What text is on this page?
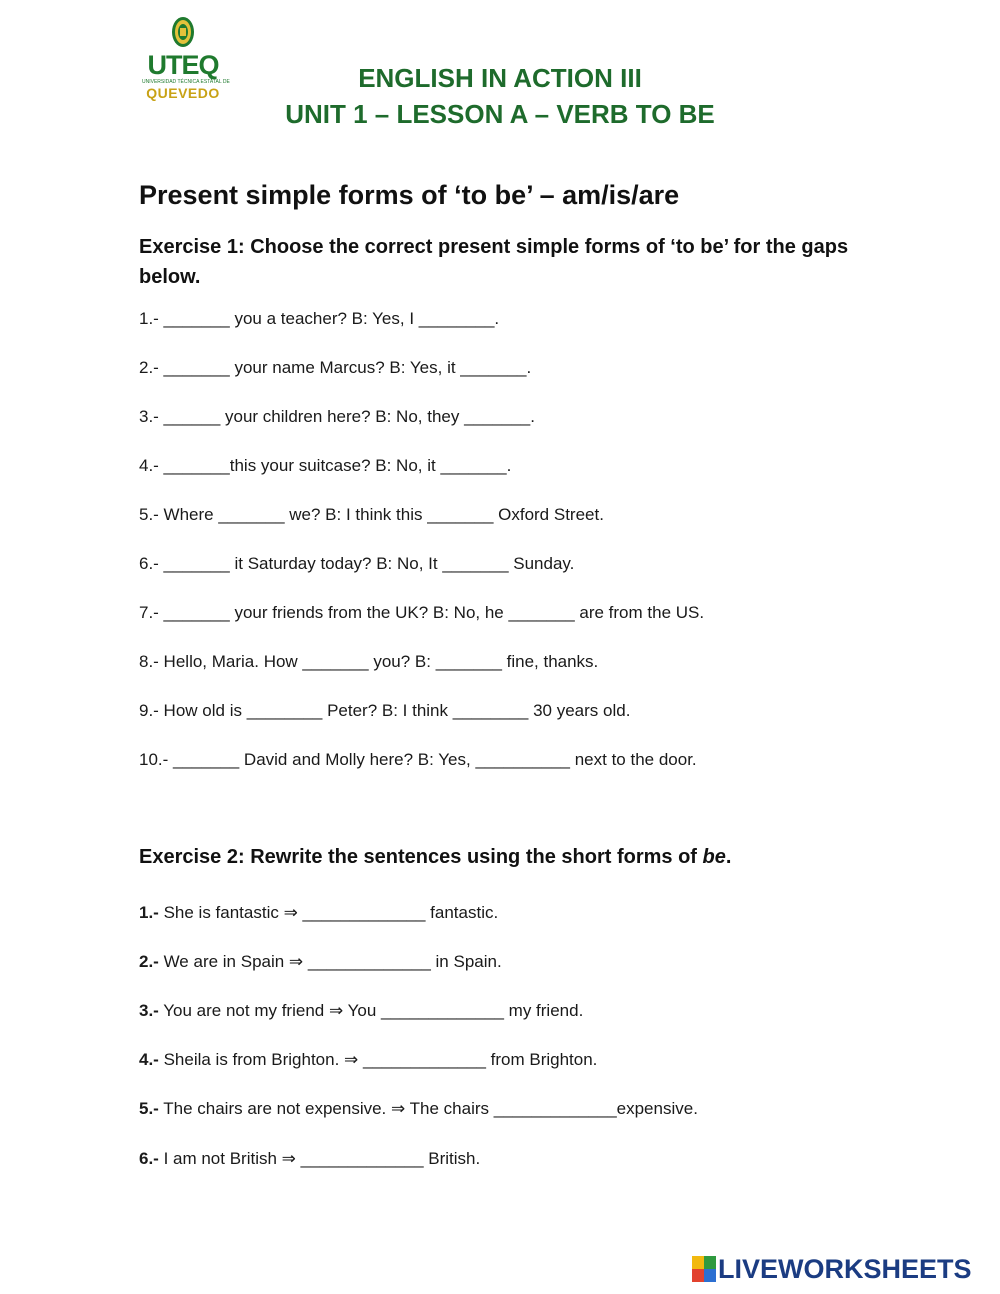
UTEQ
UNIVERSIDAD TÉCNICA ESTATAL DE
QUEVEDO	ENGLISH IN ACTION III
UNIT 1 – LESSON A – VERB TO BE
Present simple forms of ‘to be’ – am/is/are
Exercise 1: Choose the correct present simple forms of ‘to be’ for the gaps below.
1.- _______ you a teacher? B: Yes, I ________.
2.- _______ your name Marcus? B: Yes, it _______.
3.- ______ your children here? B: No, they _______.
4.- _______this your suitcase? B: No, it _______.
5.- Where _______ we? B: I think this _______ Oxford Street.
6.- _______ it Saturday today? B: No, It _______ Sunday.
7.- _______ your friends from the UK? B: No, he _______ are from the US.
8.- Hello, Maria. How _______ you? B: _______ fine, thanks.
9.- How old is ________ Peter? B: I think ________ 30 years old.
10.- _______ David and Molly here? B: Yes, __________ next to the door.
Exercise 2: Rewrite the sentences using the short forms of be.
1.- She is fantastic ⇒ _____________ fantastic.
2.- We are in Spain ⇒ _____________ in Spain.
3.- You are not my friend ⇒ You _____________ my friend.
4.- Sheila is from Brighton. ⇒ _____________ from Brighton.
5.- The chairs are not expensive. ⇒ The chairs _____________expensive.
6.- I am not British ⇒ _____________ British.
LIVEWORKSHEETS
